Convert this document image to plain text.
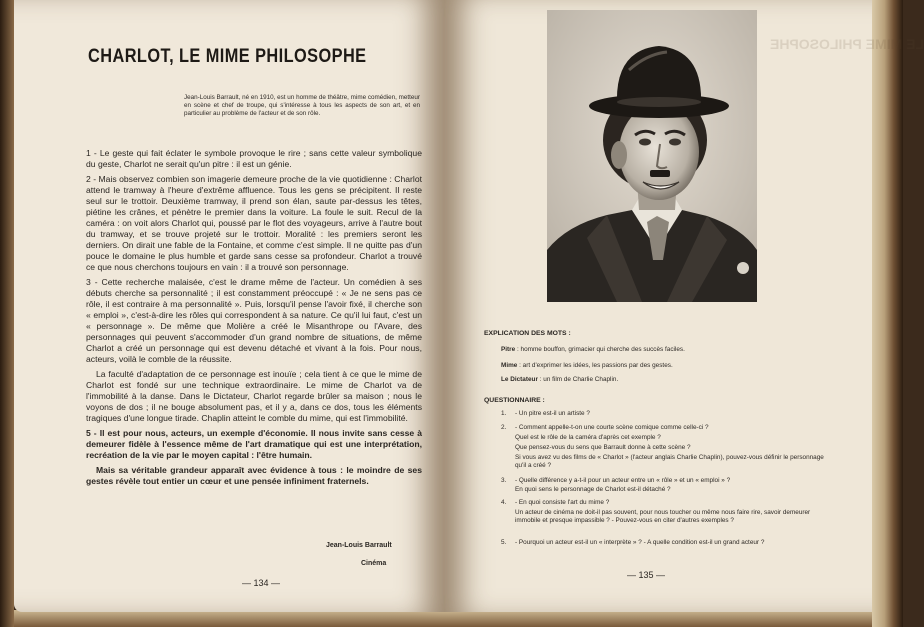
CHARLOT, LE MIME PHILOSOPHE
Jean-Louis Barrault, né en 1910, est un homme de théâtre, mime comédien, metteur en scène et chef de troupe, qui s'intéresse à tous les aspects de son art, et en particulier au problème de l'acteur et de son rôle.

1 - Le geste qui fait éclater le symbole provoque le rire ; sans cette valeur symbolique du geste, Charlot ne serait qu'un pitre : il est un génie.

2 - Mais observez combien son imagerie demeure proche de la vie quotidienne : Charlot attend le tramway à l'heure d'extrême affluence. Tous les gens se précipitent. Il reste seul sur le trottoir. Deuxième tramway, il prend son élan, saute par-dessus les têtes, piétine les crânes, et pénètre le premier dans la voiture. La foule le suit. Recul de la caméra : on voit alors Charlot qui, poussé par le flot des voyageurs, arrive à l'autre bout du tramway, et se trouve projeté sur le trottoir. Moralité : les premiers seront les derniers. On dirait une fable de la Fontaine, et comme c'est simple. Il ne quitte pas d'un pouce le domaine le plus humble et garde sans cesse sa profondeur. Charlot a trouvé ce que nous cherchons toujours en vain : il a trouvé son personnage.

3 - Cette recherche malaisée, c'est le drame même de l'acteur. Un comédien à ses débuts cherche sa personnalité ; il est constamment préoccupé : « Je ne sens pas ce rôle, il est contraire à ma personnalité ». Puis, lorsqu'il pense l'avoir fixé, il cherche son « emploi », c'est-à-dire les rôles qui correspondent à sa nature. Ce qu'il lui faut, c'est un « personnage ». De même que Molière a créé le Misanthrope ou l'Avare, des personnages qui peuvent s'accommoder d'un grand nombre de situations, de même Charlot a créé un personnage qui est devenu détaché et vivant à la fois. Pour nous, acteurs, voilà le comble de la réussite.

La faculté d'adaptation de ce personnage est inouïe ; cela tient à ce que le mime de Charlot est fondé sur une technique extraordinaire. Le mime de Charlot va de l'immobilité à la danse. Dans le Dictateur, Charlot regarde brûler sa maison ; nous le voyons de dos ; il ne bouge absolument pas, et il y a, dans ce dos, tous les éléments tragiques d'une longue tirade. Chaplin atteint le comble du mime, qui est l'immobilité.

5 - Il est pour nous, acteurs, un exemple d'économie. Il nous invite sans cesse à demeurer fidèle à l'essence même de l'art dramatique qui est une interprétation, recréation de la vie par le moyen capital : l'être humain.

Mais sa véritable grandeur apparaît avec évidence à tous : le moindre de ses gestes révèle tout entier un cœur et une pensée infiniment fraternels.

Jean-Louis Barrault
Cinéma
— 134 —
LE MIME PHILOSOPHE
EXPLICATION DES MOTS :
Pitre : homme bouffon, grimacier qui cherche des succès faciles.
Mime : art d'exprimer les idées, les passions par des gestes.
Le Dictateur : un film de Charlie Chaplin.
QUESTIONNAIRE :
1. - Un pitre est-il un artiste ?
2. - Comment appelle-t-on une courte scène comique comme celle-ci ?
Quel est le rôle de la caméra d'après cet exemple ?
Que pensez-vous du sens que Barrault donne à cette scène ?
Si vous avez vu des films de « Charlot » (l'acteur anglais Charlie Chaplin), pouvez-vous définir le personnage qu'il a créé ?
3. - Quelle différence y a-t-il pour un acteur entre un « rôle » et un « emploi » ?
En quoi sens le personnage de Charlot est-il détaché ?
4. - En quoi consiste l'art du mime ?
Un acteur de cinéma ne doit-il pas souvent, pour nous toucher ou même nous faire rire, savoir demeurer immobile et presque impassible ? - Pouvez-vous en citer d'autres exemples ?
5. - Pourquoi un acteur est-il un « interprète » ? - A quelle condition est-il un grand acteur ?
— 135 —
